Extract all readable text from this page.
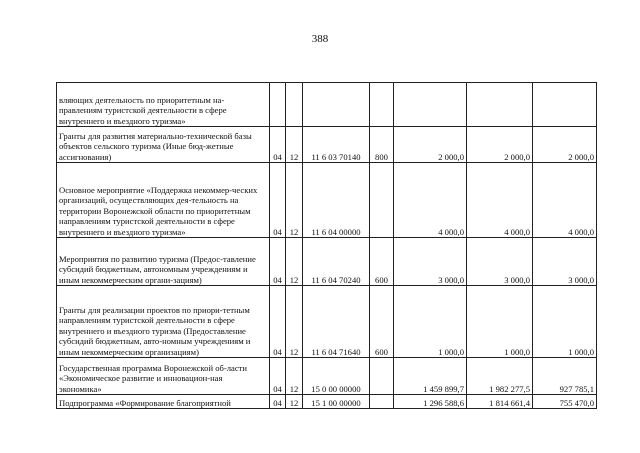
388
вляющих деятельность по приоритетным на-правлениям туристской деятельности в сфере внутреннего и въездного туризма»							
Гранты для развития материально-технической базы объектов сельского туризма (Иные бюд-жетные ассигнования)	04	12	11 6 03 70140	800	2 000,0	2 000,0	2 000,0
Основное мероприятие «Поддержка некоммер-ческих организаций, осуществляющих дея-тельность на территории Воронежской области по приоритетным направлениям туристской деятельности в сфере внутреннего и въездного туризма»	04	12	11 6 04 00000		4 000,0	4 000,0	4 000,0
Мероприятия по развитию туризма (Предос-тавление субсидий бюджетным, автономным учреждениям и иным некоммерческим органи-зациям)	04	12	11 6 04 70240	600	3 000,0	3 000,0	3 000,0
Гранты для реализации проектов по приори-тетным направлениям туристской деятельности в сфере внутреннего и въездного туризма (Предоставление субсидий бюджетным, авто-номным учреждениям и иным некоммерческим организациям)	04	12	11 6 04 71640	600	1 000,0	1 000,0	1 000,0
Государственная программа Воронежской об-ласти «Экономическое развитие и инновацион-ная экономика»	04	12	15 0 00 00000		1 459 899,7	1 982 277,5	927 785,1
Подпрограмма «Формирование благоприятной	04	12	15 1 00 00000		1 296 588,6	1 814 661,4	755 470,0
